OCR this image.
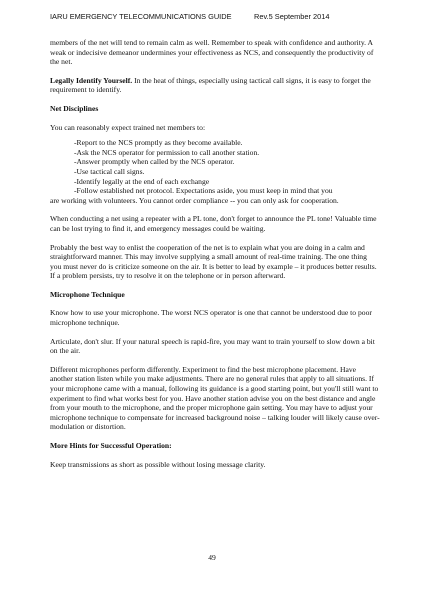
IARU EMERGENCY TELECOMMUNICATIONS GUIDE	Rev.5 September 2014

members of the net will tend to remain calm as well. Remember to speak with confidence and authority. A weak or indecisive demeanor undermines your effectiveness as NCS, and consequently the productivity of the net.

Legally Identify Yourself. In the heat of things, especially using tactical call signs, it is easy to forget the requirement to identify.

Net Disciplines

You can reasonably expect trained net members to:

-Report to the NCS promptly as they become available.
-Ask the NCS operator for permission to call another station.
-Answer promptly when called by the NCS operator.
-Use tactical call signs.
-Identify legally at the end of each exchange
-Follow established net protocol. Expectations aside, you must keep in mind that you

are working with volunteers. You cannot order compliance -- you can only ask for cooperation.

When conducting a net using a repeater with a PL tone, don't forget to announce the PL tone! Valuable time can be lost trying to find it, and emergency messages could be waiting.

Probably the best way to enlist the cooperation of the net is to explain what you are doing in a calm and straightforward manner. This may involve supplying a small amount of real-time training. The one thing you must never do is criticize someone on the air. It is better to lead by example – it produces better results. If a problem persists, try to resolve it on the telephone or in person afterward.

Microphone Technique

Know how to use your microphone. The worst NCS operator is one that cannot be understood due to poor microphone technique.

Articulate, don't slur. If your natural speech is rapid-fire, you may want to train yourself to slow down a bit on the air.

Different microphones perform differently. Experiment to find the best microphone placement. Have another station listen while you make adjustments. There are no general rules that apply to all situations. If your microphone came with a manual, following its guidance is a good starting point, but you'll still want to experiment to find what works best for you. Have another station advise you on the best distance and angle from your mouth to the microphone, and the proper microphone gain setting. You may have to adjust your microphone technique to compensate for increased background noise – talking louder will likely cause over-modulation or distortion.

More Hints for Successful Operation:

Keep transmissions as short as possible without losing message clarity.

49
